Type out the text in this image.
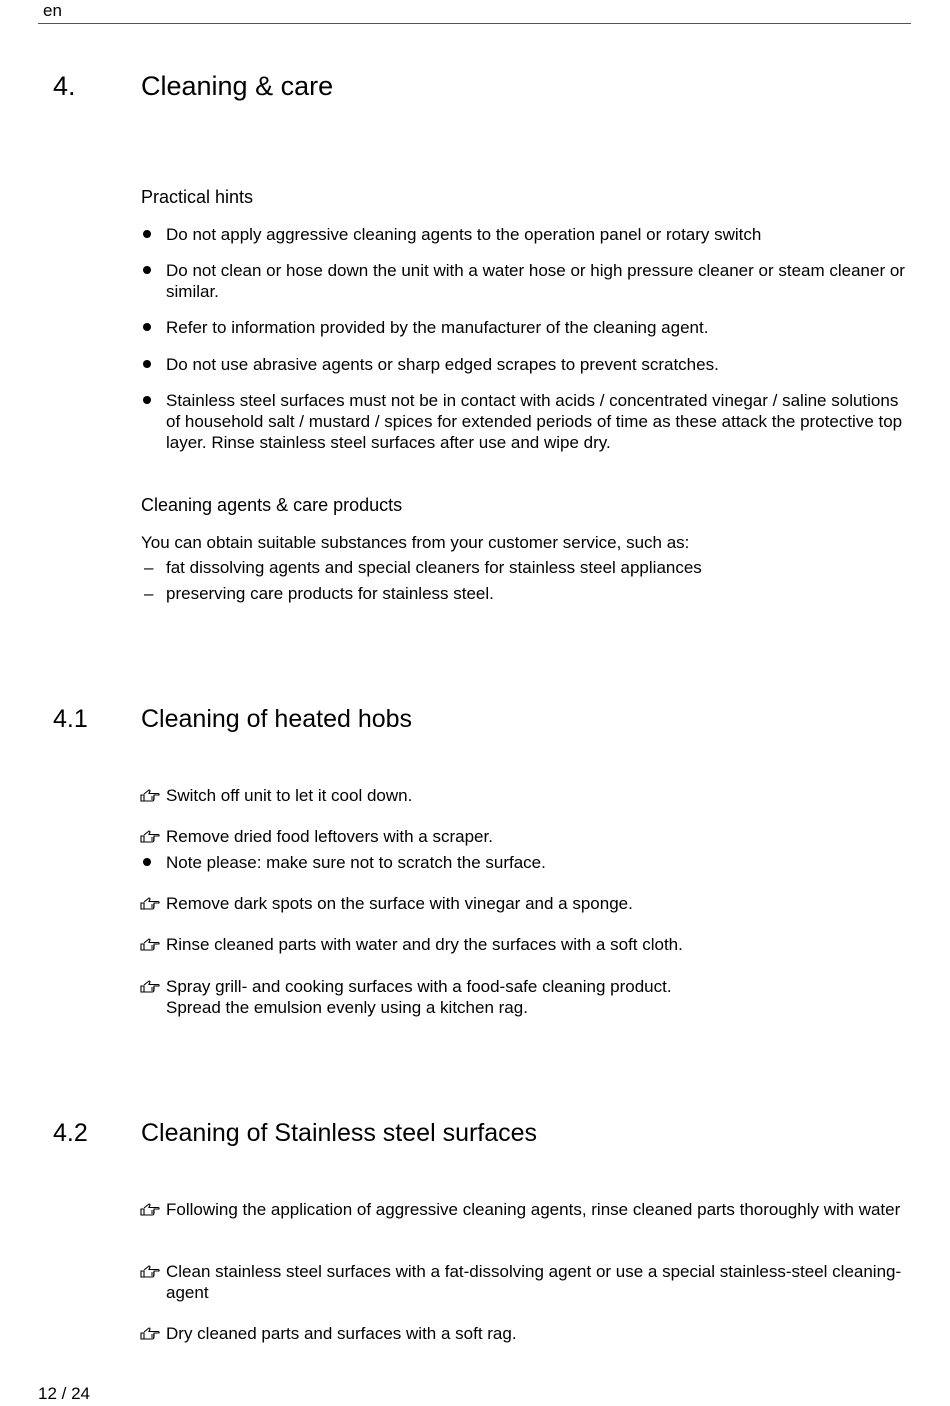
en
4. Cleaning & care
Practical hints
Do not apply aggressive cleaning agents to the operation panel or rotary switch
Do not clean or hose down the unit with a water hose or high pressure cleaner or steam cleaner or similar.
Refer to information provided by the manufacturer of the cleaning agent.
Do not use abrasive agents or sharp edged scrapes to prevent scratches.
Stainless steel surfaces must not be in contact with acids / concentrated vinegar / saline solutions of household salt / mustard / spices for extended periods of time as these attack the protective top layer. Rinse stainless steel surfaces after use and wipe dry.
Cleaning agents & care products
You can obtain suitable substances from your customer service, such as:
– fat dissolving agents and special cleaners for stainless steel appliances
– preserving care products for stainless steel.
4.1 Cleaning of heated hobs
Switch off unit to let it cool down.
Remove dried food leftovers with a scraper.
Note please: make sure not to scratch the surface.
Remove dark spots on the surface with vinegar and a sponge.
Rinse cleaned parts with water and dry the surfaces with a soft cloth.
Spray grill- and cooking surfaces with a food-safe cleaning product.
Spread the emulsion evenly using a kitchen rag.
4.2 Cleaning of Stainless steel surfaces
Following the application of aggressive cleaning agents, rinse cleaned parts thoroughly with water
Clean stainless steel surfaces with a fat-dissolving agent or use a special stainless-steel cleaning-agent
Dry cleaned parts and surfaces with a soft rag.
12 / 24
